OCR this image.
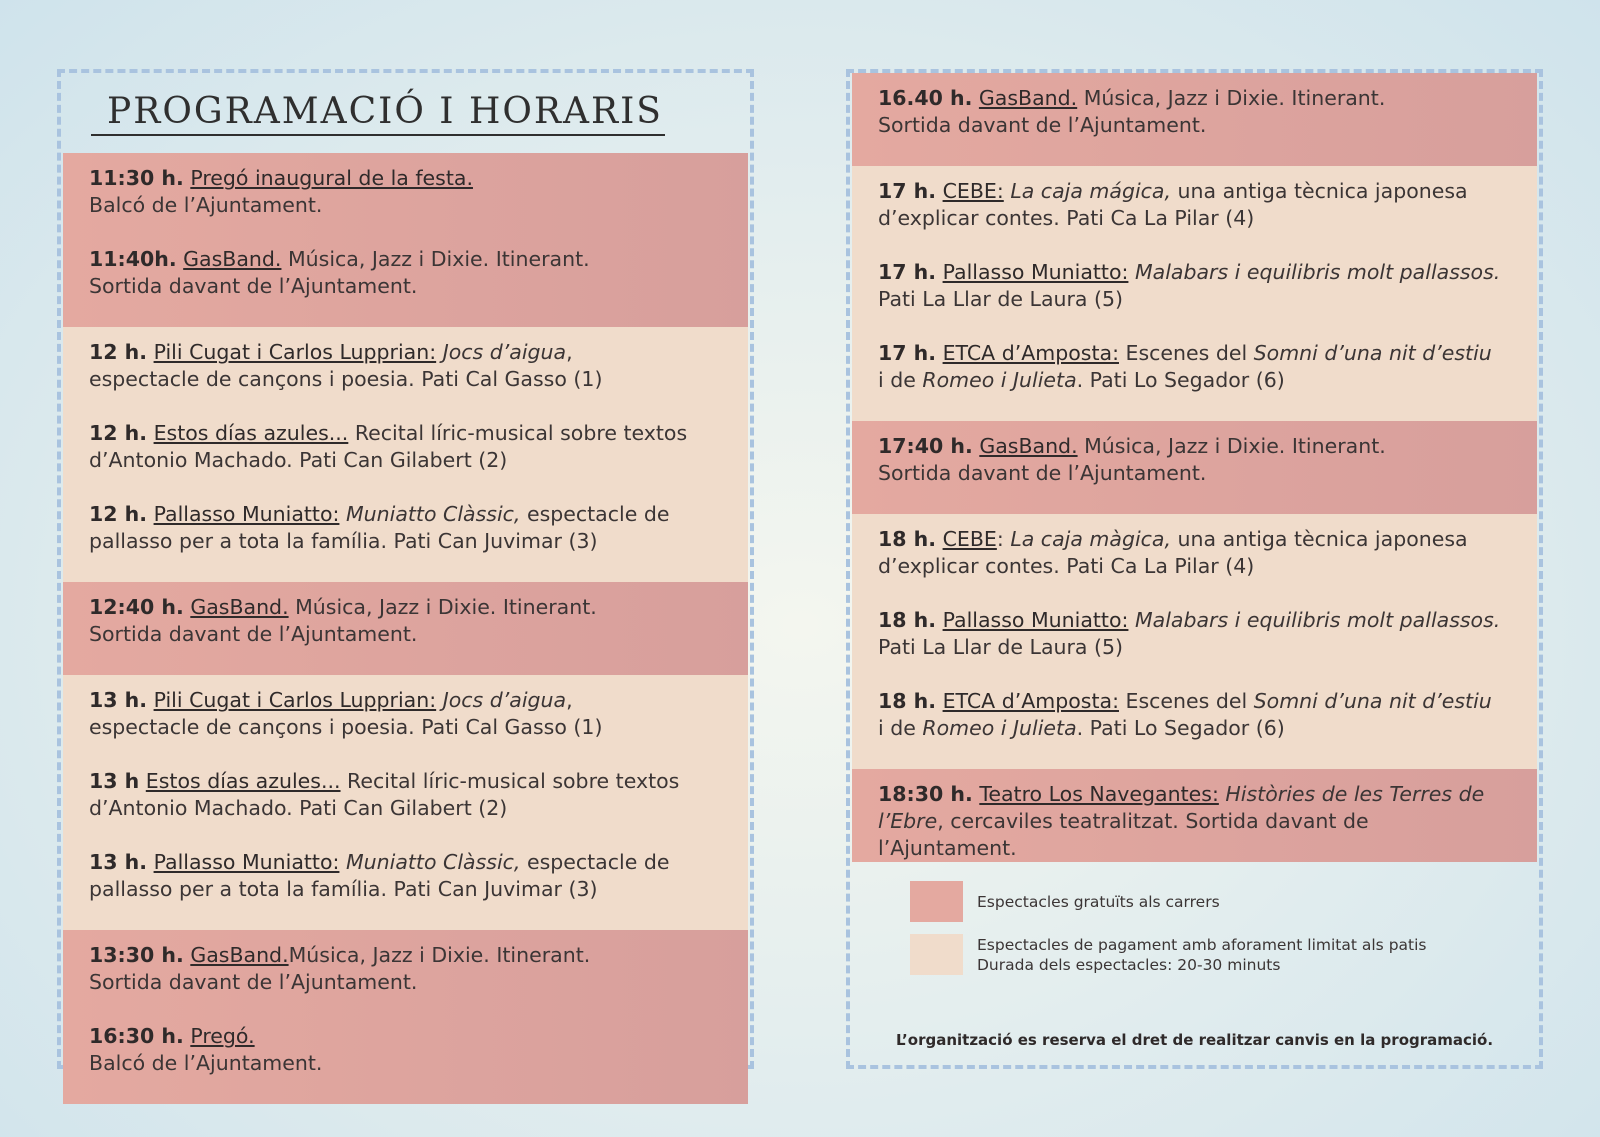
PROGRAMACIÓ I HORARIS

11:30 h. Pregó inaugural de la festa.

Balcó de l’Ajuntament.

11:40h. GasBand. Música, Jazz i Dixie. Itinerant.

Sortida davant de l’Ajuntament.

12 h. Pili Cugat i Carlos Lupprian: Jocs d’aigua,

espectacle de cançons i poesia. Pati Cal Gasso (1)

12 h. Estos días azules... Recital líric-musical sobre textos

d’Antonio Machado. Pati Can Gilabert (2)

12 h. Pallasso Muniatto: Muniatto Clàssic, espectacle de

pallasso per a tota la família. Pati Can Juvimar (3)

12:40 h. GasBand. Música, Jazz i Dixie. Itinerant.

Sortida davant de l’Ajuntament.

13 h. Pili Cugat i Carlos Lupprian: Jocs d’aigua,

espectacle de cançons i poesia. Pati Cal Gasso (1)

13 h Estos días azules... Recital líric-musical sobre textos

d’Antonio Machado. Pati Can Gilabert (2)

13 h. Pallasso Muniatto: Muniatto Clàssic, espectacle de

pallasso per a tota la família. Pati Can Juvimar (3)

13:30 h. GasBand.Música, Jazz i Dixie. Itinerant.

Sortida davant de l’Ajuntament.

16:30 h. Pregó.

Balcó de l’Ajuntament.

16.40 h. GasBand. Música, Jazz i Dixie. Itinerant.

Sortida davant de l’Ajuntament.

17 h. CEBE: La caja mágica, una antiga tècnica japonesa

d’explicar contes. Pati Ca La Pilar (4)

17 h. Pallasso Muniatto: Malabars i equilibris molt pallassos.

Pati La Llar de Laura (5)

17 h. ETCA d’Amposta: Escenes del Somni d’una nit d’estiu

i de Romeo i Julieta. Pati Lo Segador (6)

17:40 h. GasBand. Música, Jazz i Dixie. Itinerant.

Sortida davant de l’Ajuntament.

18 h. CEBE: La caja màgica, una antiga tècnica japonesa

d’explicar contes. Pati Ca La Pilar (4)

18 h. Pallasso Muniatto: Malabars i equilibris molt pallassos.

Pati La Llar de Laura (5)

18 h. ETCA d’Amposta: Escenes del Somni d’una nit d’estiu

i de Romeo i Julieta. Pati Lo Segador (6)

18:30 h. Teatro Los Navegantes: Històries de les Terres de

l’Ebre, cercaviles teatralitzat. Sortida davant de

l’Ajuntament.

Espectacles gratuïts als carrers
Espectacles de pagament amb aforament limitat als patis
Durada dels espectacles: 20-30 minuts

L’organització es reserva el dret de realitzar canvis en la programació.
